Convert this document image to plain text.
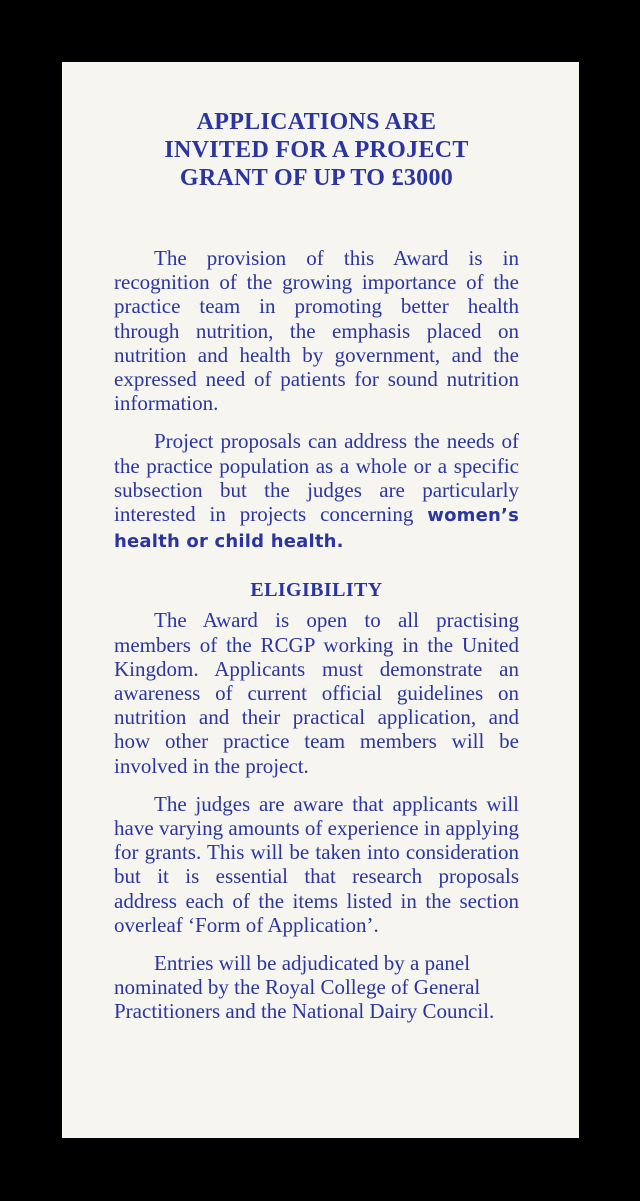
APPLICATIONS ARE
INVITED FOR A PROJECT
GRANT OF UP TO £3000

The provision of this Award is in recognition of the growing importance of the practice team in promoting better health through nutrition, the emphasis placed on nutrition and health by government, and the expressed need of patients for sound nutrition information.

Project proposals can address the needs of the practice population as a whole or a specific subsection but the judges are particularly interested in projects concerning women’s health or child health.

ELIGIBILITY

The Award is open to all practising members of the RCGP working in the United Kingdom. Applicants must demonstrate an awareness of current official guidelines on nutrition and their practical application, and how other practice team members will be involved in the project.

The judges are aware that applicants will have varying amounts of experience in applying for grants. This will be taken into consideration but it is essential that research proposals address each of the items listed in the section overleaf ‘Form of Application’.

Entries will be adjudicated by a panel nominated by the Royal College of General Practitioners and the National Dairy Council.
